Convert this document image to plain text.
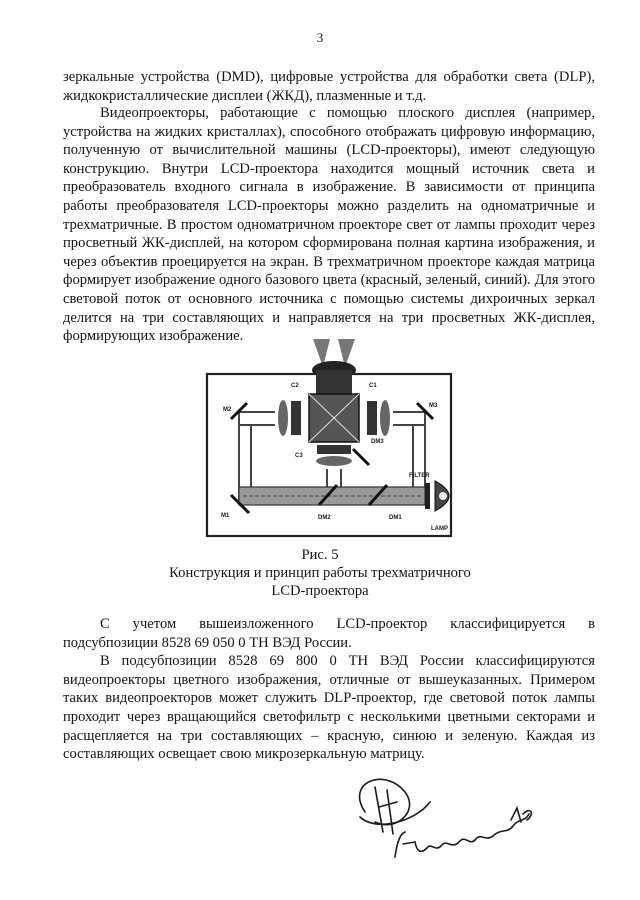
3

зеркальные устройства (DMD), цифровые устройства для обработки света (DLP), жидкокристаллические дисплеи (ЖКД), плазменные и т.д.

Видеопроекторы, работающие с помощью плоского дисплея (например, устройства на жидких кристаллах), способного отображать цифровую информацию, полученную от вычислительной машины (LCD-проекторы), имеют следующую конструкцию. Внутри LCD-проектора находится мощный источник света и преобразователь входного сигнала в изображение. В зависимости от принципа работы преобразователя LCD-проекторы можно разделить на одноматричные и трехматричные. В простом одноматричном проекторе свет от лампы проходит через просветный ЖК-дисплей, на котором сформирована полная картина изображения, и через объектив проецируется на экран. В трехматричном проекторе каждая матрица формирует изображение одного базового цвета (красный, зеленый, синий). Для этого световой поток от основного источника с помощью системы дихроичных зеркал делится на три составляющих и направляется на три просветных ЖК-дисплея, формирующих изображение.

C2	C1
C3
M2
M3
M1
DM3
DM2	DM1
FILTER
LAMP
Рис. 5
Конструкция и принцип работы трехматричного
LCD-проектора

С учетом вышеизложенного LCD-проектор классифицируется в подсубпозиции 8528 69 050 0 ТН ВЭД России.

В подсубпозиции 8528 69 800 0 ТН ВЭД России классифицируются видеопроекторы цветного изображения, отличные от вышеуказанных. Примером таких видеопроекторов может служить DLP-проектор, где световой поток лампы проходит через вращающийся светофильтр с несколькими цветными секторами и расщепляется на три составляющих – красную, синюю и зеленую. Каждая из составляющих освещает свою микрозеркальную матрицу.
